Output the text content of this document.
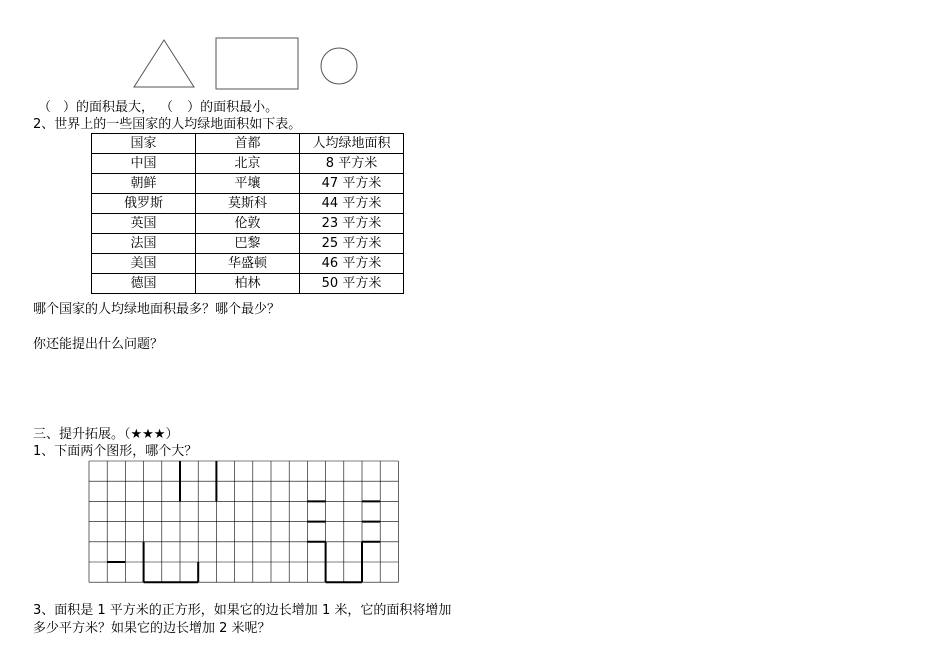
（ ）的面积最大， （ ）的面积最小。
2、世界上的一些国家的人均绿地面积如下表。
国家	首都	人均绿地面积
中国	北京	8 平方米
朝鲜	平壤	47 平方米
俄罗斯	莫斯科	44 平方米
英国	伦敦	23 平方米
法国	巴黎	25 平方米
美国	华盛顿	46 平方米
德国	柏林	50 平方米
哪个国家的人均绿地面积最多？哪个最少？
你还能提出什么问题？
三、提升拓展。（★★★）
1、下面两个图形，哪个大？
3、面积是 1 平方米的正方形，如果它的边长增加 1 米，它的面积将增加
多少平方米？如果它的边长增加 2 米呢？
